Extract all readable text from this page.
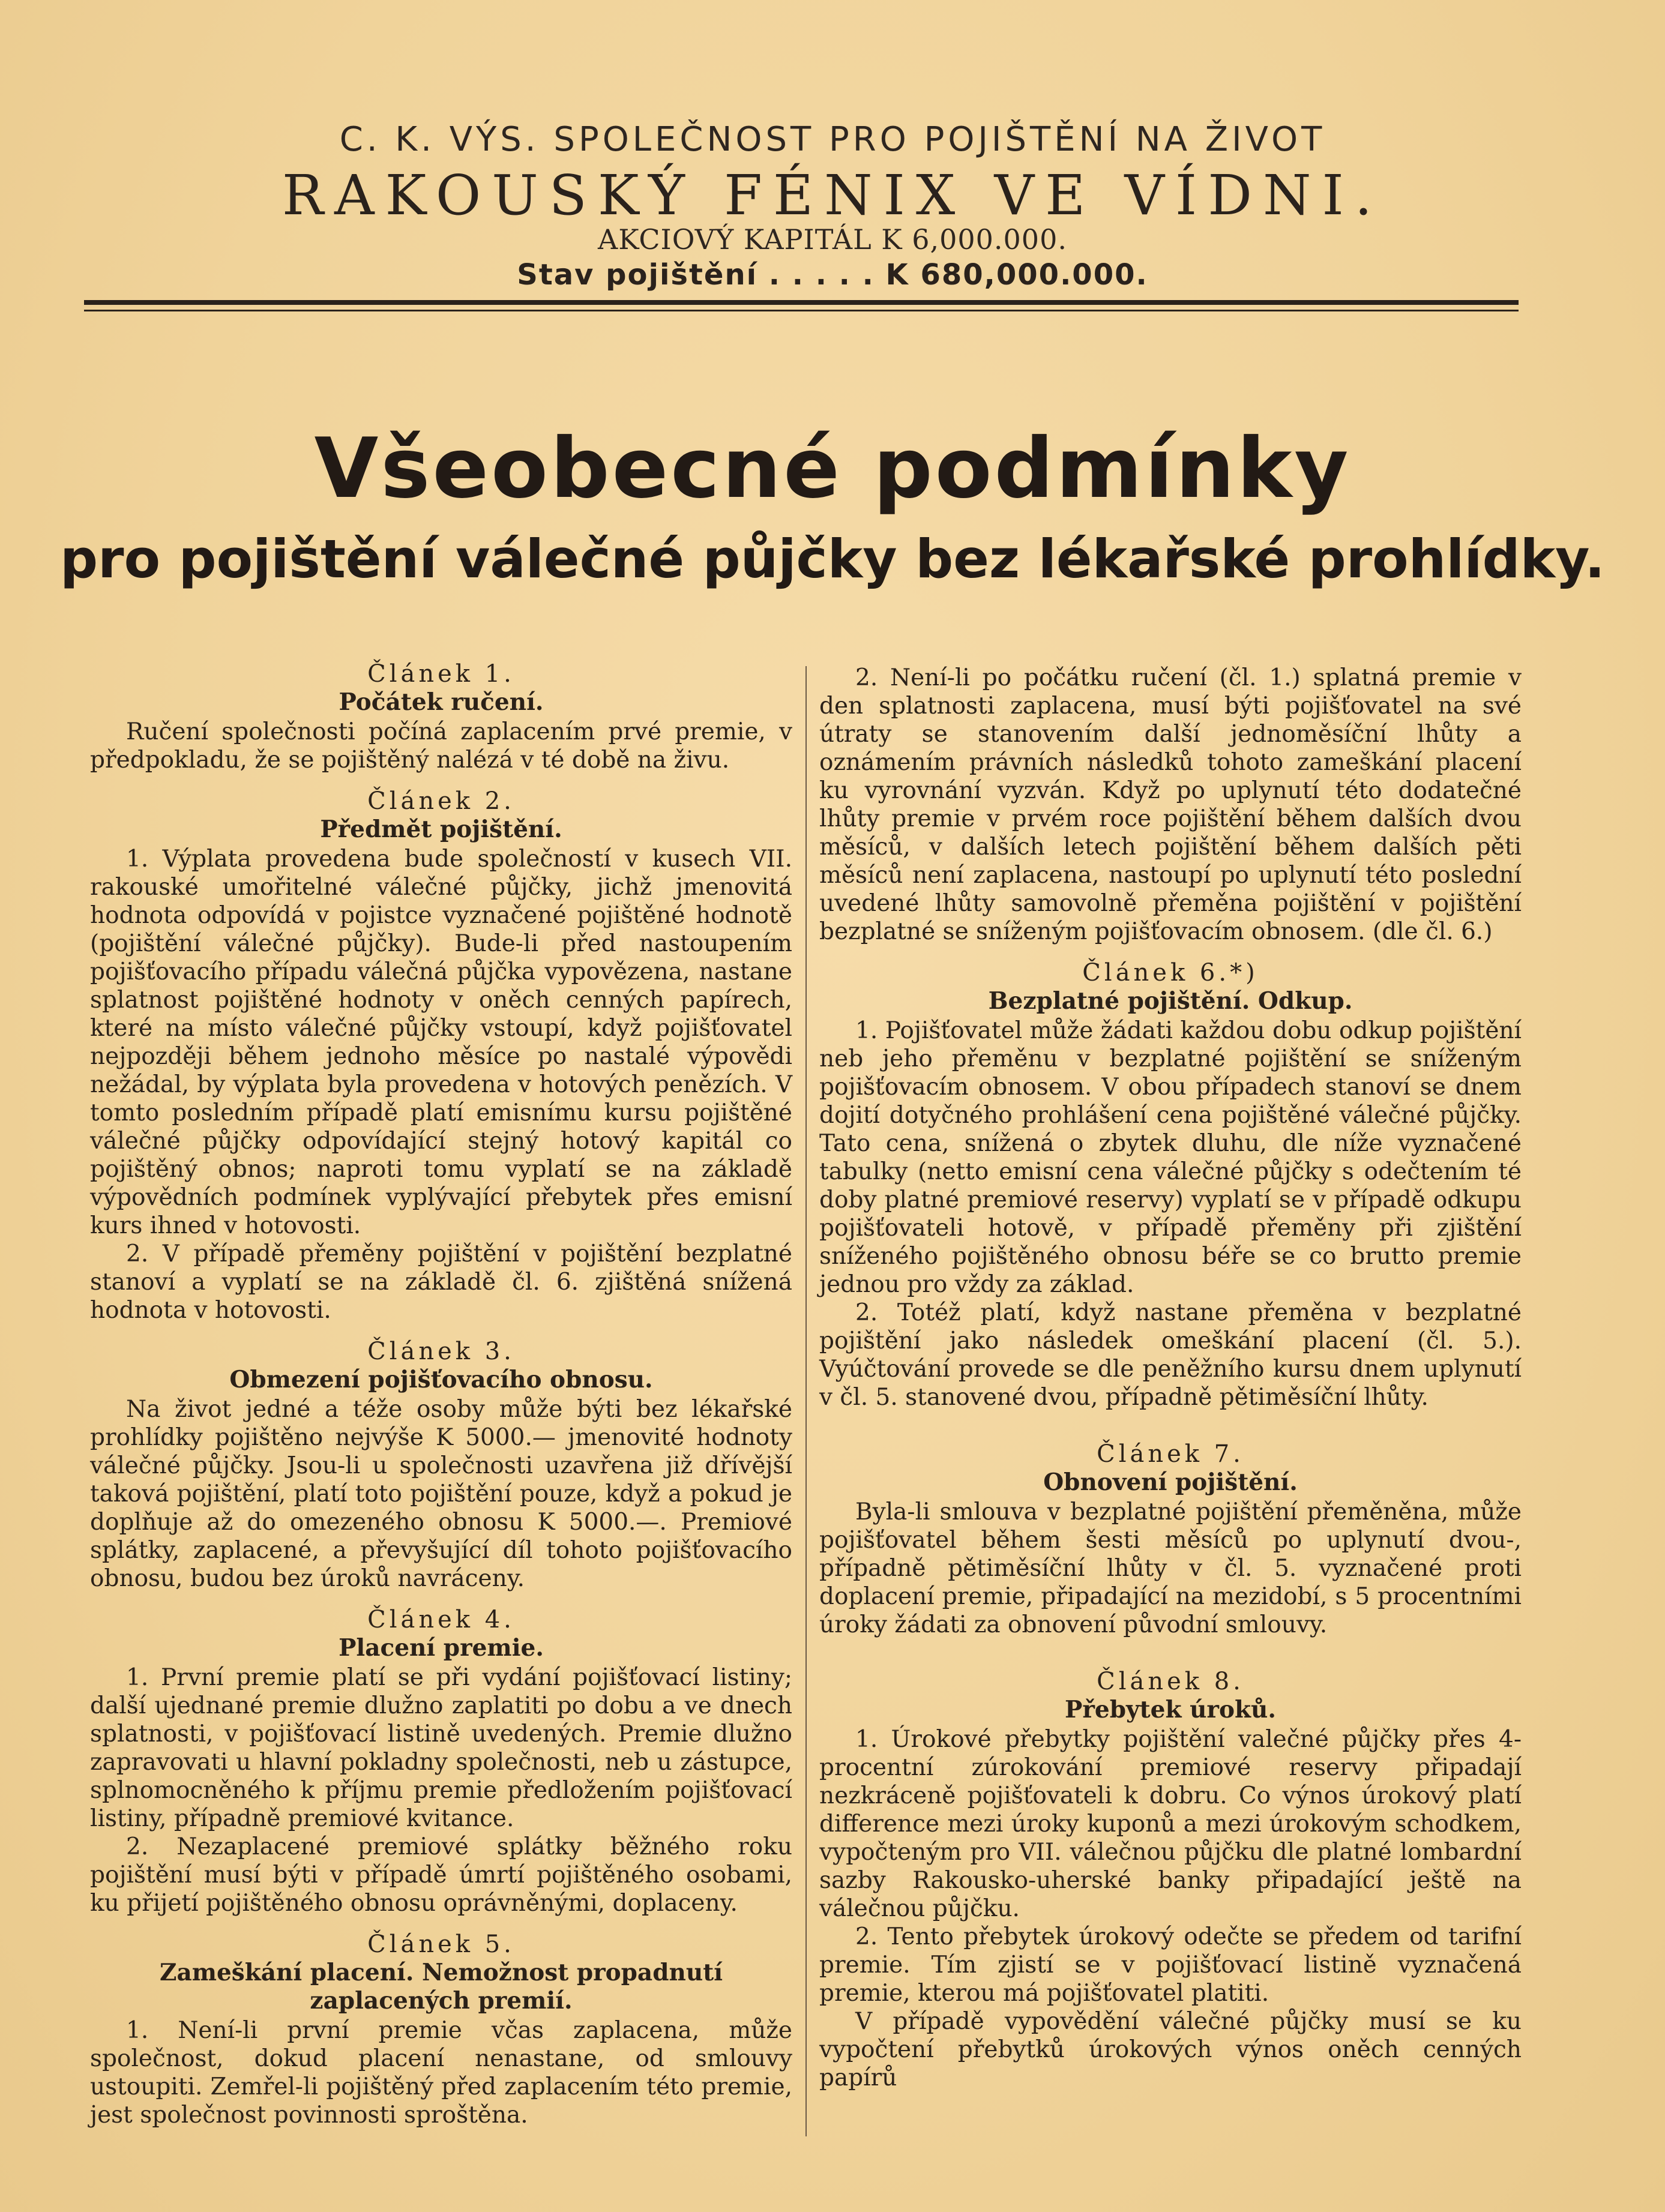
C. K. VÝS. SPOLEČNOST PRO POJIŠTĚNÍ NA ŽIVOT
RAKOUSKÝ FÉNIX VE VÍDNI.
AKCIOVÝ KAPITÁL K 6,000.000.
Stav pojištění . . . . . K 680,000.000.
Všeobecné podmínky
pro pojištění válečné půjčky bez lékařské prohlídky.

Článek 1.

Počátek ručení.

Ručení společnosti počíná zaplacením prvé premie, v předpokladu, že se pojištěný nalézá v té době na živu.

Článek 2.

Předmět pojištění.

1. Výplata provedena bude společností v kusech VII. rakouské umořitelné válečné půjčky, jichž jmenovitá hodnota odpovídá v pojistce vyznačené pojištěné hodnotě (pojištění válečné půjčky). Bude-li před nastoupením pojišťovacího případu válečná půjčka vypovězena, nastane splatnost pojištěné hodnoty v oněch cenných papírech, které na místo válečné půjčky vstoupí, když pojišťovatel nejpozději během jednoho měsíce po nastalé výpovědi nežádal, by výplata byla provedena v hotových penězích. V tomto posledním případě platí emisnímu kursu pojištěné válečné půjčky odpovídající stejný hotový kapitál co pojištěný obnos; naproti tomu vyplatí se na základě výpovědních podmínek vyplývající přebytek přes emisní kurs ihned v hotovosti.

2. V případě přeměny pojištění v pojištění bezplatné stanoví a vyplatí se na základě čl. 6. zjištěná snížená hodnota v hotovosti.

Článek 3.

Obmezení pojišťovacího obnosu.

Na život jedné a téže osoby může býti bez lékařské prohlídky pojištěno nejvýše K 5000.— jmenovité hodnoty válečné půjčky. Jsou-li u společnosti uzavřena již dřívější taková pojištění, platí toto pojištění pouze, když a pokud je doplňuje až do omezeného obnosu K 5000.—. Premiové splátky, zaplacené, a převyšující díl tohoto pojišťovacího obnosu, budou bez úroků navráceny.

Článek 4.

Placení premie.

1. První premie platí se při vydání pojišťovací listiny; další ujednané premie dlužno zaplatiti po dobu a ve dnech splatnosti, v pojišťovací listině uvedených. Premie dlužno zapravovati u hlavní pokladny společnosti, neb u zástupce, splnomocněného k příjmu premie předložením pojišťovací listiny, případně premiové kvitance.

2. Nezaplacené premiové splátky běžného roku pojištění musí býti v případě úmrtí pojištěného osobami, ku přijetí pojištěného obnosu oprávněnými, doplaceny.

Článek 5.

Zameškání placení. Nemožnost propadnutí zaplacených premií.

1. Není-li první premie včas zaplacena, může společnost, dokud placení nenastane, od smlouvy ustoupiti. Zemřel-li pojištěný před zaplacením této premie, jest společnost povinnosti sproštěna.

2. Není-li po počátku ručení (čl. 1.) splatná premie v den splatnosti zaplacena, musí býti pojišťovatel na své útraty se stanovením další jednoměsíční lhůty a oznámením právních následků tohoto zameškání placení ku vyrovnání vyzván. Když po uplynutí této dodatečné lhůty premie v prvém roce pojištění během dalších dvou měsíců, v dalších letech pojištění během dalších pěti měsíců není zaplacena, nastoupí po uplynutí této poslední uvedené lhůty samovolně přeměna pojištění v pojištění bezplatné se sníženým pojišťovacím obnosem. (dle čl. 6.)

Článek 6.*)

Bezplatné pojištění. Odkup.

1. Pojišťovatel může žádati každou dobu odkup pojištění neb jeho přeměnu v bezplatné pojištění se sníženým pojišťovacím obnosem. V obou případech stanoví se dnem dojití dotyčného prohlášení cena pojištěné válečné půjčky. Tato cena, snížená o zbytek dluhu, dle níže vyznačené tabulky (netto emisní cena válečné půjčky s odečtením té doby platné premiové reservy) vyplatí se v případě odkupu pojišťovateli hotově, v případě přeměny při zjištění sníženého pojištěného obnosu béře se co brutto premie jednou pro vždy za základ.

2. Totéž platí, když nastane přeměna v bezplatné pojištění jako následek omeškání placení (čl. 5.). Vyúčtování provede se dle peněžního kursu dnem uplynutí v čl. 5. stanovené dvou, případně pětiměsíční lhůty.

Článek 7.

Obnovení pojištění.

Byla-li smlouva v bezplatné pojištění přeměněna, může pojišťovatel během šesti měsíců po uplynutí dvou-, případně pětiměsíční lhůty v čl. 5. vyznačené proti doplacení premie, připadající na mezidobí, s 5 procentními úroky žádati za obnovení původní smlouvy.

Článek 8.

Přebytek úroků.

1. Úrokové přebytky pojištění valečné půjčky přes 4-procentní zúrokování premiové reservy připadají nezkráceně pojišťovateli k dobru. Co výnos úrokový platí difference mezi úroky kuponů a mezi úrokovým schodkem, vypočteným pro VII. válečnou půjčku dle platné lombardní sazby Rakousko-uherské banky připadající ještě na válečnou půjčku.

2. Tento přebytek úrokový odečte se předem od tarifní premie. Tím zjistí se v pojišťovací listině vyznačená premie, kterou má pojišťovatel platiti.

V případě vypovědění válečné půjčky musí se ku vypočtení přebytků úrokových výnos oněch cenných papírů
